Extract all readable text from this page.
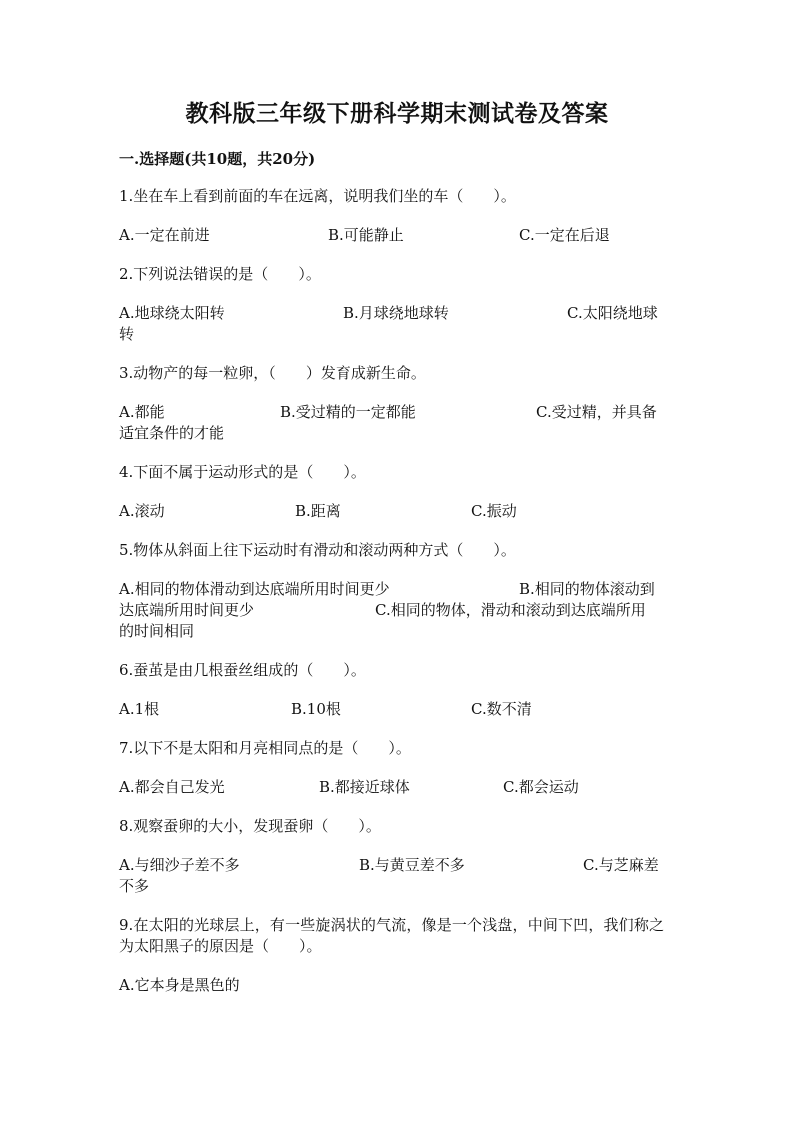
教科版三年级下册科学期末测试卷及答案
一.选择题(共10题，共20分)
1.坐在车上看到前面的车在远离，说明我们坐的车（　　）。
A.一定在前进	B.可能静止	C.一定在后退
2.下列说法错误的是（　　）。
A.地球绕太阳转	B.月球绕地球转	C.太阳绕地球
转
3.动物产的每一粒卵，（　　）发育成新生命。
A.都能	B.受过精的一定都能	C.受过精，并具备
适宜条件的才能
4.下面不属于运动形式的是（　　）。
A.滚动	B.距离	C.振动
5.物体从斜面上往下运动时有滑动和滚动两种方式（　　）。
A.相同的物体滑动到达底端所用时间更少	B.相同的物体滚动到
达底端所用时间更少	C.相同的物体，滑动和滚动到达底端所用
的时间相同
6.蚕茧是由几根蚕丝组成的（　　）。
A.1根	B.10根	C.数不清
7.以下不是太阳和月亮相同点的是（　　）。
A.都会自己发光	B.都接近球体	C.都会运动
8.观察蚕卵的大小，发现蚕卵（　　）。
A.与细沙子差不多	B.与黄豆差不多	C.与芝麻差
不多
9.在太阳的光球层上，有一些旋涡状的气流，像是一个浅盘，中间下凹，我们称之为太阳黑子的原因是（　　）。
A.它本身是黑色的
